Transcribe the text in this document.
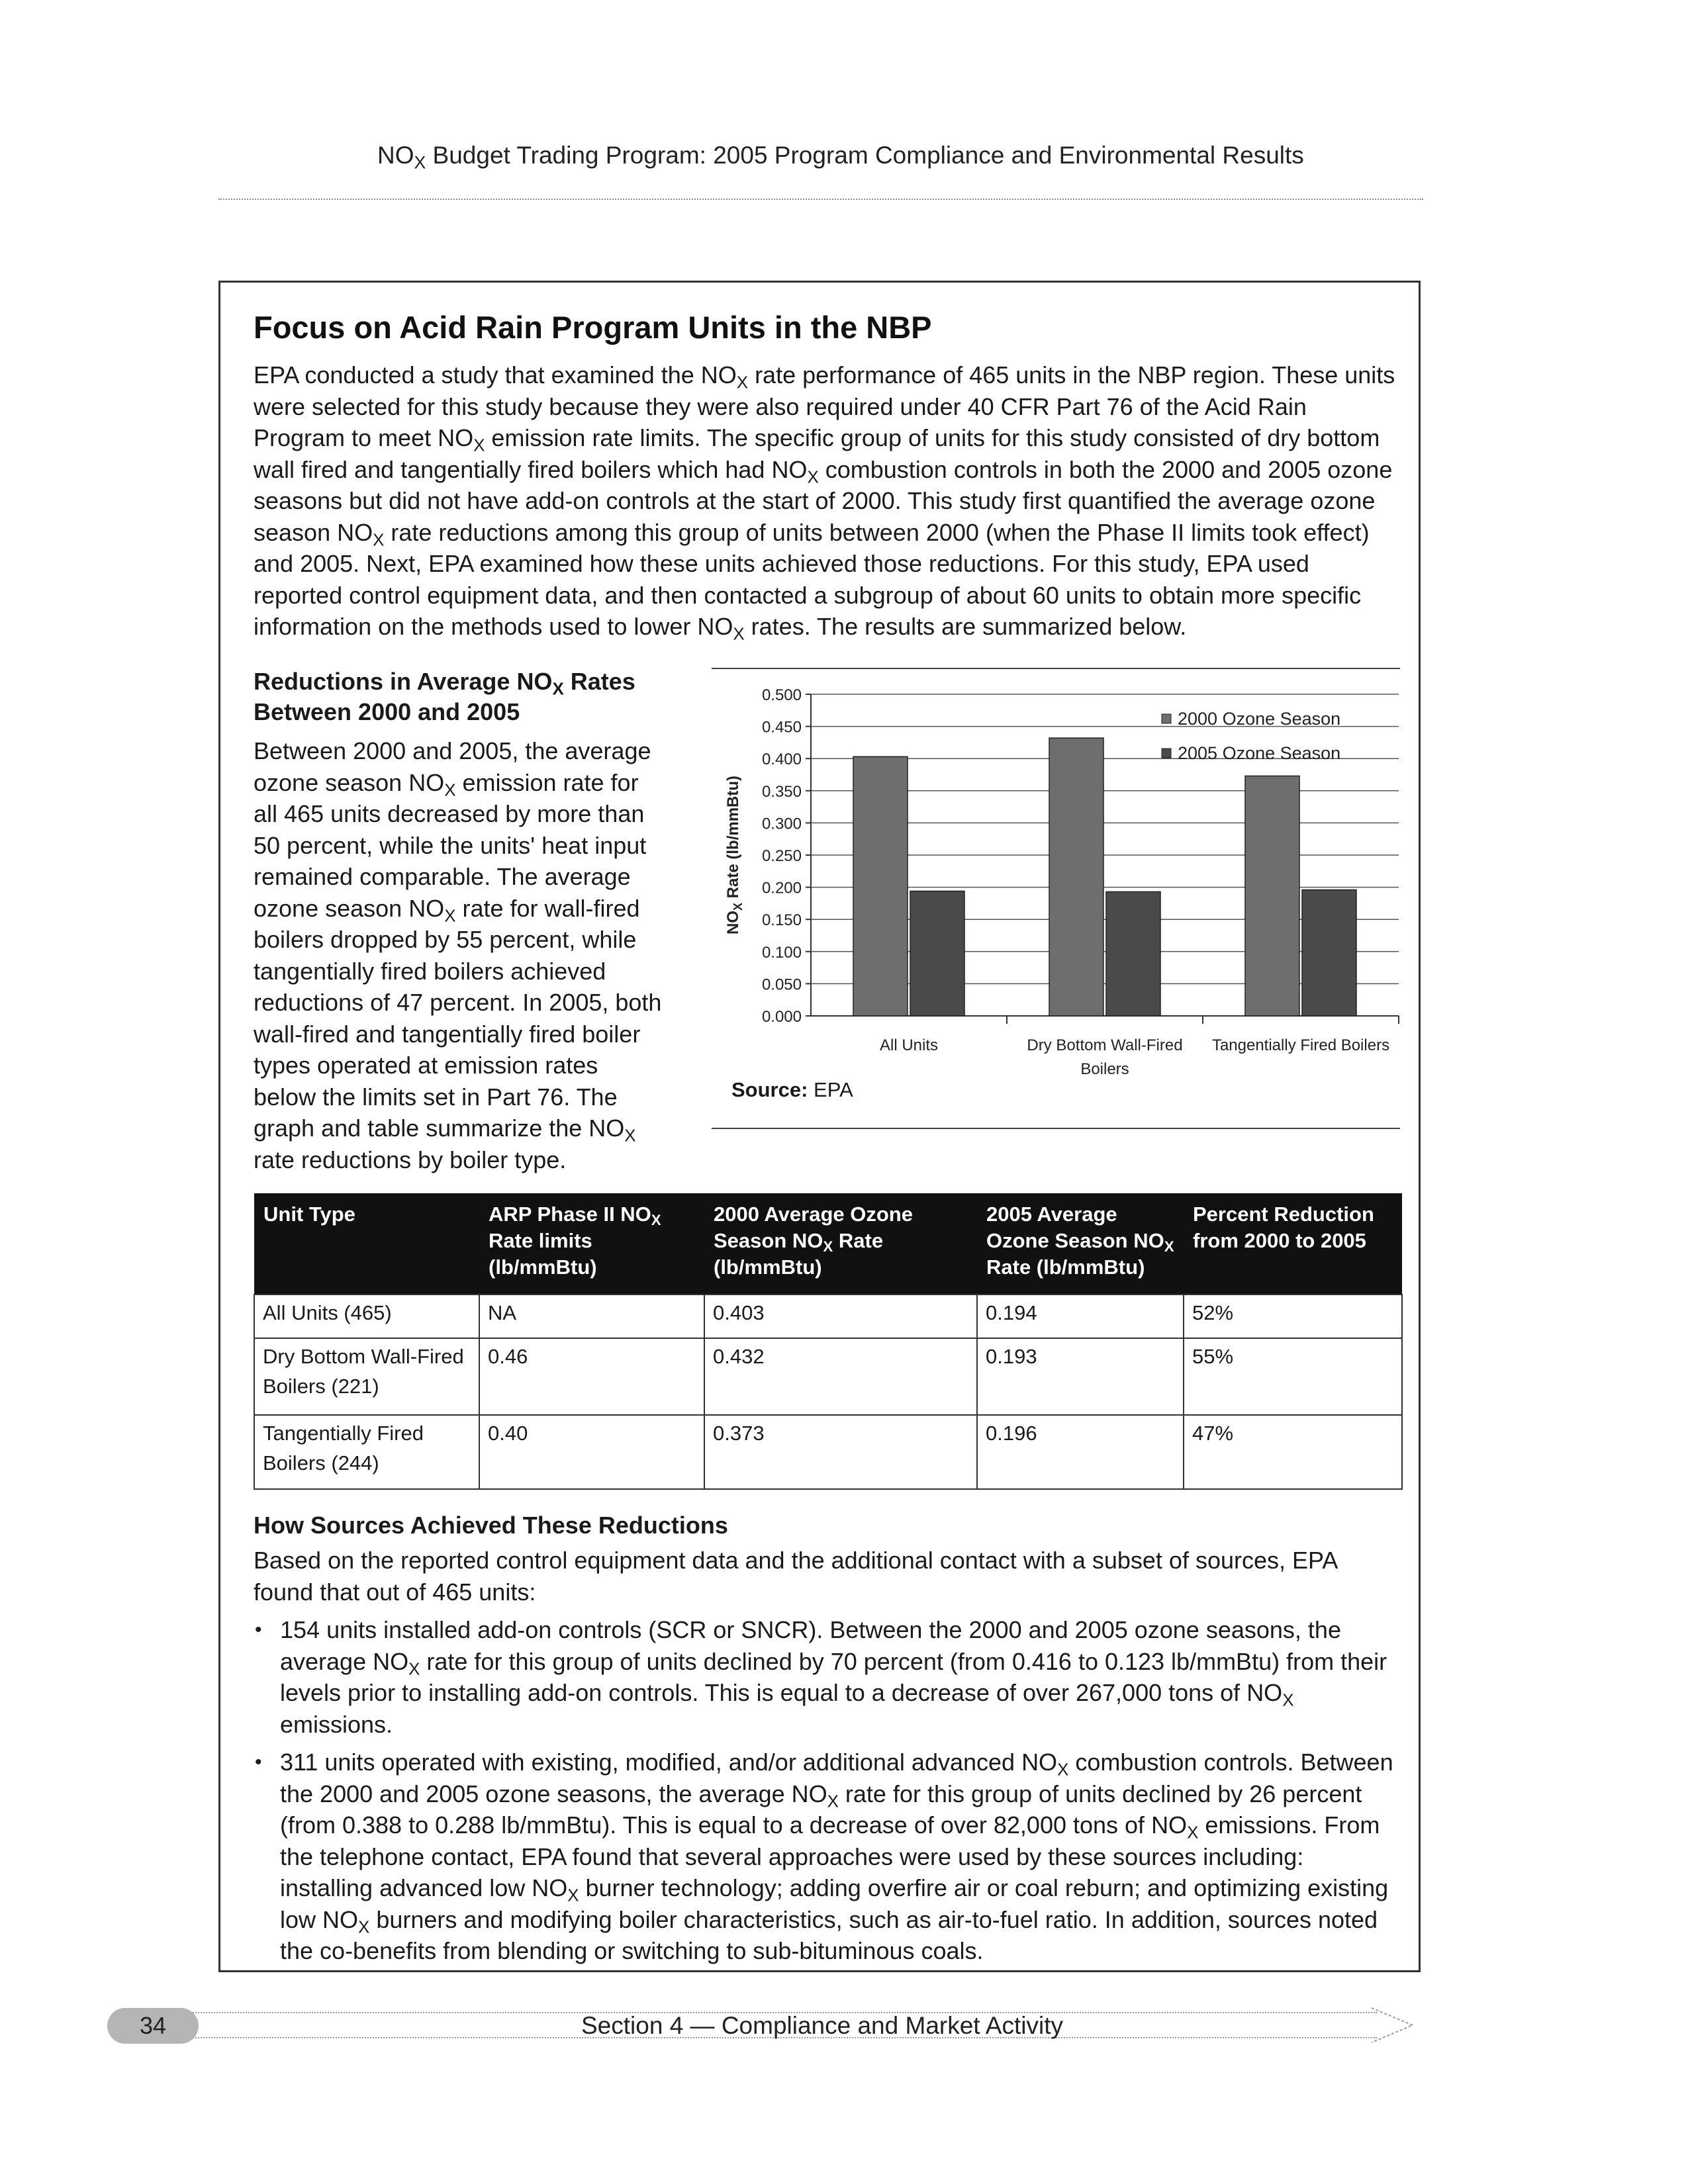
$NO_X$ Budget Trading Program: 2005 Program Compliance and Environmental Results
Focus on Acid Rain Program Units in the NBP

EPA conducted a study that examined the $NO_X$ rate performance of 465 units in the NBP region. These units were selected for this study because they were also required under 40 CFR Part 76 of the Acid Rain Program to meet $NO_X$ emission rate limits. The specific group of units for this study consisted of dry bottom wall fired and tangentially fired boilers which had $NO_X$ combustion controls in both the 2000 and 2005 ozone seasons but did not have add-on controls at the start of 2000. This study first quantified the average ozone season $NO_X$ rate reductions among this group of units between 2000 (when the Phase II limits took effect) and 2005. Next, EPA examined how these units achieved those reductions. For this study, EPA used reported control equipment data, and then contacted a subgroup of about 60 units to obtain more specific information on the methods used to lower $NO_X$ rates. The results are summarized below.

Reductions in Average $NO_X$ Rates Between 2000 and 2005

Between 2000 and 2005, the average ozone season $NO_X$ emission rate for all 465 units decreased by more than 50 percent, while the units' heat input remained comparable. The average ozone season $NO_X$ rate for wall-fired boilers dropped by 55 percent, while tangentially fired boilers achieved reductions of 47 percent. In 2005, both wall-fired and tangentially fired boiler types operated at emission rates below the limits set in Part 76. The graph and table summarize the $NO_X$ rate reductions by boiler type.

0.000
0.050
0.100
0.150
0.200
0.250
0.300
0.350
0.400
0.450
0.500
$NO_X$ Rate (lb/mmBtu)
All Units	Dry Bottom Wall-Fired Boilers
Tangentially Fired Boilers
2000 Ozone Season
2005 Ozone Season
Source: EPA
Unit Type	ARP Phase II $NO_X$ Rate limits (lb/mmBtu)	2000 Average Ozone Season $NO_X$ Rate (lb/mmBtu)	2005 Average Ozone Season $NO_X$ Rate (lb/mmBtu)	Percent Reduction from 2000 to 2005
All Units (465)	NA	0.403	0.194	52%
Dry Bottom Wall-Fired Boilers (221)	0.46	0.432	0.193	55%
Tangentially Fired Boilers (244)	0.40	0.373	0.196	47%
How Sources Achieved These Reductions

Based on the reported control equipment data and the additional contact with a subset of sources, EPA found that out of 465 units:

• 154 units installed add-on controls (SCR or SNCR). Between the 2000 and 2005 ozone seasons, the average $NO_X$ rate for this group of units declined by 70 percent (from 0.416 to 0.123 lb/mmBtu) from their levels prior to installing add-on controls. This is equal to a decrease of over 267,000 tons of $NO_X$ emissions.
• 311 units operated with existing, modified, and/or additional advanced $NO_X$ combustion controls. Between the 2000 and 2005 ozone seasons, the average $NO_X$ rate for this group of units declined by 26 percent (from 0.388 to 0.288 lb/mmBtu). This is equal to a decrease of over 82,000 tons of $NO_X$ emissions. From the telephone contact, EPA found that several approaches were used by these sources including: installing advanced low $NO_X$ burner technology; adding overfire air or coal reburn; and optimizing existing low $NO_X$ burners and modifying boiler characteristics, such as air-to-fuel ratio. In addition, sources noted the co-benefits from blending or switching to sub-bituminous coals.
34	Section 4 — Compliance and Market Activity
